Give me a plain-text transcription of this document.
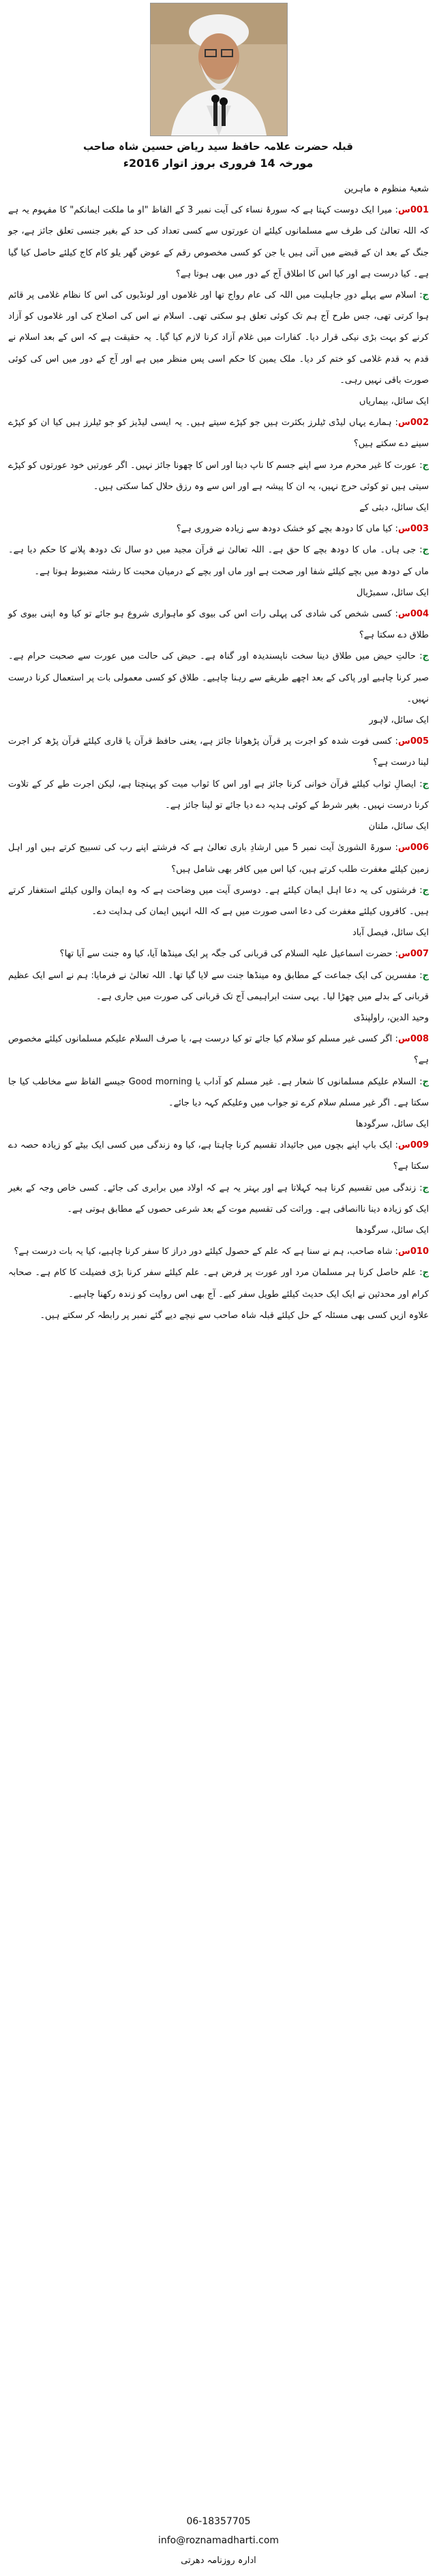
قبلہ حضرت علامہ حافظ سید ریاض حسین شاہ صاحب
مورخہ 14 فروری بروز اتوار 2016ء

شعبۂ منظوم ہ ماہرین

001س: میرا ایک دوست کہتا ہے کہ سورۂ نساء کی آیت نمبر 3 کے الفاظ "او ما ملکت ایمانکم" کا مفہوم یہ ہے کہ اللہ تعالیٰ کی طرف سے مسلمانوں کیلئے ان عورتوں سے کسی تعداد کی حد کے بغیر جنسی تعلق جائز ہے، جو جنگ کے بعد ان کے قبضے میں آتی ہیں یا جن کو کسی مخصوص رقم کے عوض گھر یلو کام کاج کیلئے حاصل کیا گیا ہے۔ کیا درست ہے اور کیا اس کا اطلاق آج کے دور میں بھی ہوتا ہے؟

ج: اسلام سے پہلے دورِ جاہلیت میں اللہ کی عام رواج تھا اور غلاموں اور لونڈیوں کی اس کا نظام غلامی پر قائم ہوا کرتی تھی، جس طرح آج ہم تک کوئی تعلق ہو سکتی تھی۔ اسلام نے اس کی اصلاح کی اور غلاموں کو آزاد کرنے کو بہت بڑی نیکی قرار دیا۔ کفارات میں غلام آزاد کرنا لازم کیا گیا۔ یہ حقیقت ہے کہ اس کے بعد اسلام نے قدم بہ قدم غلامی کو ختم کر دیا۔ ملک یمین کا حکم اسی پس منظر میں ہے اور آج کے دور میں اس کی کوئی صورت باقی نہیں رہی۔

ایک سائل، بیماریاں

002س: ہمارے یہاں لیڈی ٹیلرز بکثرت ہیں جو کپڑے سیتے ہیں۔ یہ ایسی لیڈیز کو جو ٹیلرز ہیں کیا ان کو کپڑے سینے دے سکتے ہیں؟

ج: عورت کا غیر محرم مرد سے اپنے جسم کا ناپ دینا اور اس کا چھونا جائز نہیں۔ اگر عورتیں خود عورتوں کو کپڑے سیتی ہیں تو کوئی حرج نہیں، یہ ان کا پیشہ ہے اور اس سے وہ رزق حلال کما سکتی ہیں۔

ایک سائل، دبئی کے

003س: کیا ماں کا دودھ بچے کو خشک دودھ سے زیادہ ضروری ہے؟

ج: جی ہاں۔ ماں کا دودھ بچے کا حق ہے۔ اللہ تعالیٰ نے قرآن مجید میں دو سال تک دودھ پلانے کا حکم دیا ہے۔ ماں کے دودھ میں بچے کیلئے شفا اور صحت ہے اور ماں اور بچے کے درمیان محبت کا رشتہ مضبوط ہوتا ہے۔

ایک سائل، سمبڑیال

004س: کسی شخص کی شادی کی پہلی رات اس کی بیوی کو ماہواری شروع ہو جائے تو کیا وہ اپنی بیوی کو طلاق دے سکتا ہے؟

ج: حالتِ حیض میں طلاق دینا سخت ناپسندیدہ اور گناہ ہے۔ حیض کی حالت میں عورت سے صحبت حرام ہے۔ صبر کرنا چاہیے اور پاکی کے بعد اچھے طریقے سے رہنا چاہیے۔ طلاق کو کسی معمولی بات پر استعمال کرنا درست نہیں۔

ایک سائل، لاہور

005س: کسی فوت شدہ کو اجرت پر قرآن پڑھوانا جائز ہے، یعنی حافظ قرآن یا قاری کیلئے قرآن پڑھ کر اجرت لینا درست ہے؟

ج: ایصالِ ثواب کیلئے قرآن خوانی کرنا جائز ہے اور اس کا ثواب میت کو پہنچتا ہے، لیکن اجرت طے کر کے تلاوت کرنا درست نہیں۔ بغیر شرط کے کوئی ہدیہ دے دیا جائے تو لینا جائز ہے۔

ایک سائل، ملتان

006س: سورۃ الشوریٰ آیت نمبر 5 میں ارشادِ باری تعالیٰ ہے کہ فرشتے اپنے رب کی تسبیح کرتے ہیں اور اہل زمین کیلئے مغفرت طلب کرتے ہیں، کیا اس میں کافر بھی شامل ہیں؟

ج: فرشتوں کی یہ دعا اہل ایمان کیلئے ہے۔ دوسری آیت میں وضاحت ہے کہ وہ ایمان والوں کیلئے استغفار کرتے ہیں۔ کافروں کیلئے مغفرت کی دعا اسی صورت میں ہے کہ اللہ انہیں ایمان کی ہدایت دے۔

ایک سائل، فیصل آباد

007س: حضرت اسماعیل علیہ السلام کی قربانی کی جگہ پر ایک مینڈھا آیا، کیا وہ جنت سے آیا تھا؟

ج: مفسرین کی ایک جماعت کے مطابق وہ مینڈھا جنت سے لایا گیا تھا۔ اللہ تعالیٰ نے فرمایا: ہم نے اسے ایک عظیم قربانی کے بدلے میں چھڑا لیا۔ یہی سنت ابراہیمی آج تک قربانی کی صورت میں جاری ہے۔

وحید الدین، راولپنڈی

008س: اگر کسی غیر مسلم کو سلام کیا جائے تو کیا درست ہے، یا صرف السلام علیکم مسلمانوں کیلئے مخصوص ہے؟

ج: السلام علیکم مسلمانوں کا شعار ہے۔ غیر مسلم کو آداب یا Good morning جیسے الفاظ سے مخاطب کیا جا سکتا ہے۔ اگر غیر مسلم سلام کرے تو جواب میں وعلیکم کہہ دیا جائے۔

ایک سائل، سرگودھا

009س: ایک باپ اپنے بچوں میں جائیداد تقسیم کرنا چاہتا ہے، کیا وہ زندگی میں کسی ایک بیٹے کو زیادہ حصہ دے سکتا ہے؟

ج: زندگی میں تقسیم کرنا ہبہ کہلاتا ہے اور بہتر یہ ہے کہ اولاد میں برابری کی جائے۔ کسی خاص وجہ کے بغیر ایک کو زیادہ دینا ناانصافی ہے۔ وراثت کی تقسیم موت کے بعد شرعی حصوں کے مطابق ہوتی ہے۔

ایک سائل، سرگودھا

010س: شاہ صاحب، ہم نے سنا ہے کہ علم کے حصول کیلئے دور دراز کا سفر کرنا چاہیے، کیا یہ بات درست ہے؟

ج: علم حاصل کرنا ہر مسلمان مرد اور عورت پر فرض ہے۔ علم کیلئے سفر کرنا بڑی فضیلت کا کام ہے۔ صحابہ کرام اور محدثین نے ایک ایک حدیث کیلئے طویل سفر کیے۔ آج بھی اس روایت کو زندہ رکھنا چاہیے۔

علاوہ ازیں کسی بھی مسئلہ کے حل کیلئے قبلہ شاہ صاحب سے نیچے دیے گئے نمبر پر رابطہ کر سکتے ہیں۔

06-18357705
info@roznamadharti.com
ادارہ روزنامہ دھرتی
